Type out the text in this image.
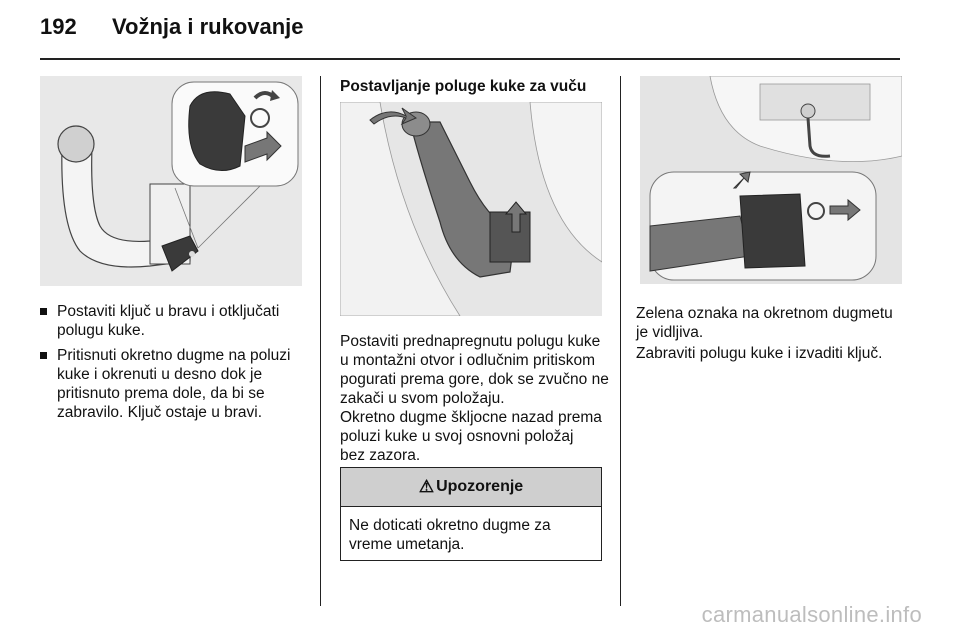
192 Vožnja i rukovanje
Postaviti ključ u bravu i otključati polugu kuke.
Pritisnuti okretno dugme na poluzi kuke i okrenuti u desno dok je pritisnuto prema dole, da bi se zabravilo. Ključ ostaje u bravi.
Postavljanje poluge kuke za vuču

Postaviti prednapregnutu polugu kuke u montažni otvor i odlučnim pritiskom pogurati prema gore, dok se zvučno ne zakači u svom položaju.

Okretno dugme škljocne nazad prema poluzi kuke u svoj osnovni položaj bez zazora.

⚠ Upozorenje
Ne doticati okretno dugme za vreme umetanja.

Zelena oznaka na okretnom dugmetu je vidljiva.

Zabraviti polugu kuke i izvaditi ključ.

carmanualsonline.info
